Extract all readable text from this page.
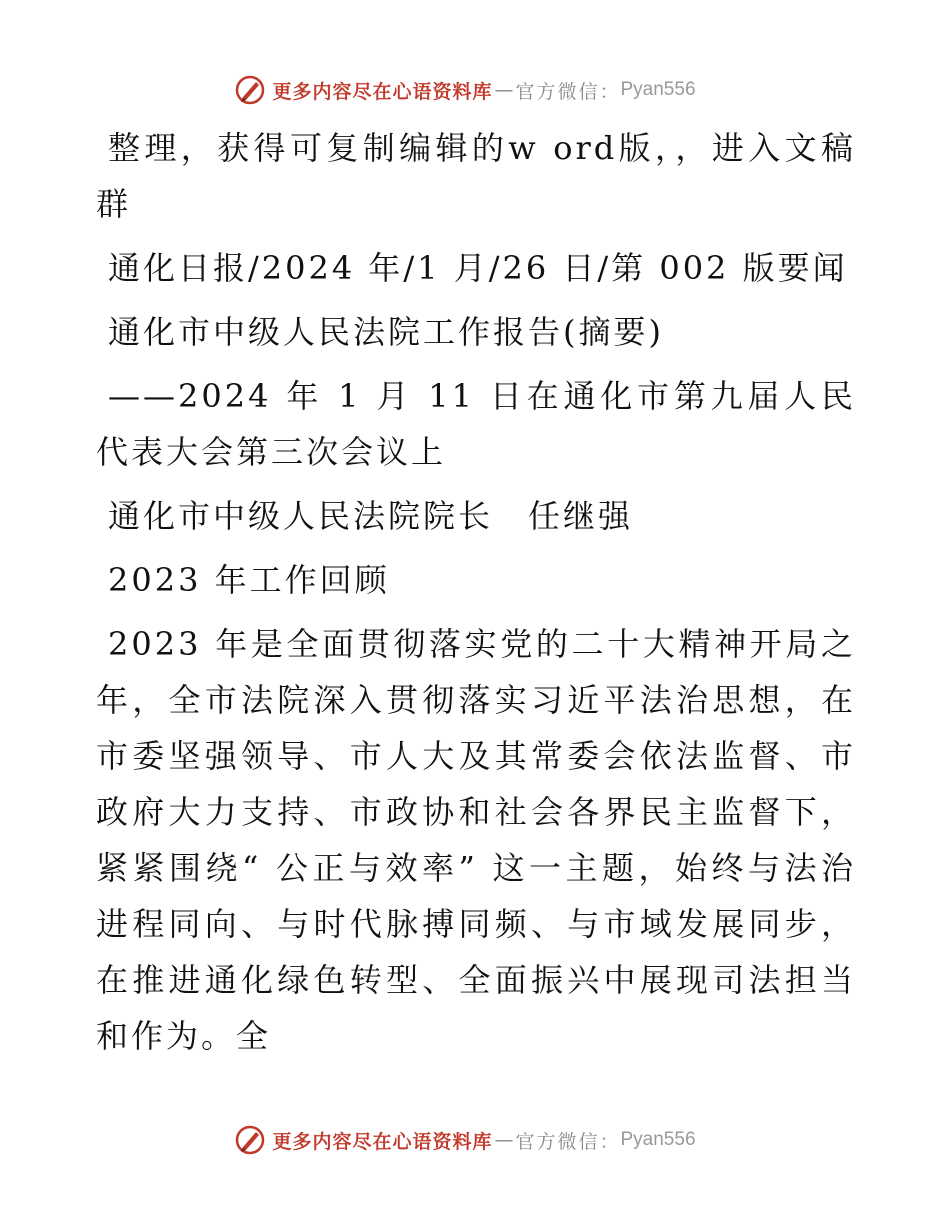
更多内容尽在心语资料库 — 官方微信： Pyan556

整理，获得可复制编辑的w ord版，，进入文稿群

通化日报/2024 年/1 月/26 日/第 002 版要闻

通化市中级人民法院工作报告(摘要)

——2024 年 1 月 11 日在通化市第九届人民代表大会第三次会议上

通化市中级人民法院院长　任继强

2023 年工作回顾

2023 年是全面贯彻落实党的二十大精神开局之年，全市法院深入贯彻落实习近平法治思想，在市委坚强领导、市人大及其常委会依法监督、市政府大力支持、市政协和社会各界民主监督下，紧紧围绕“ 公正与效率” 这一主题，始终与法治进程同向、与时代脉搏同频、与市域发展同步，在推进通化绿色转型、全面振兴中展现司法担当和作为。全

更多内容尽在心语资料库 — 官方微信： Pyan556
